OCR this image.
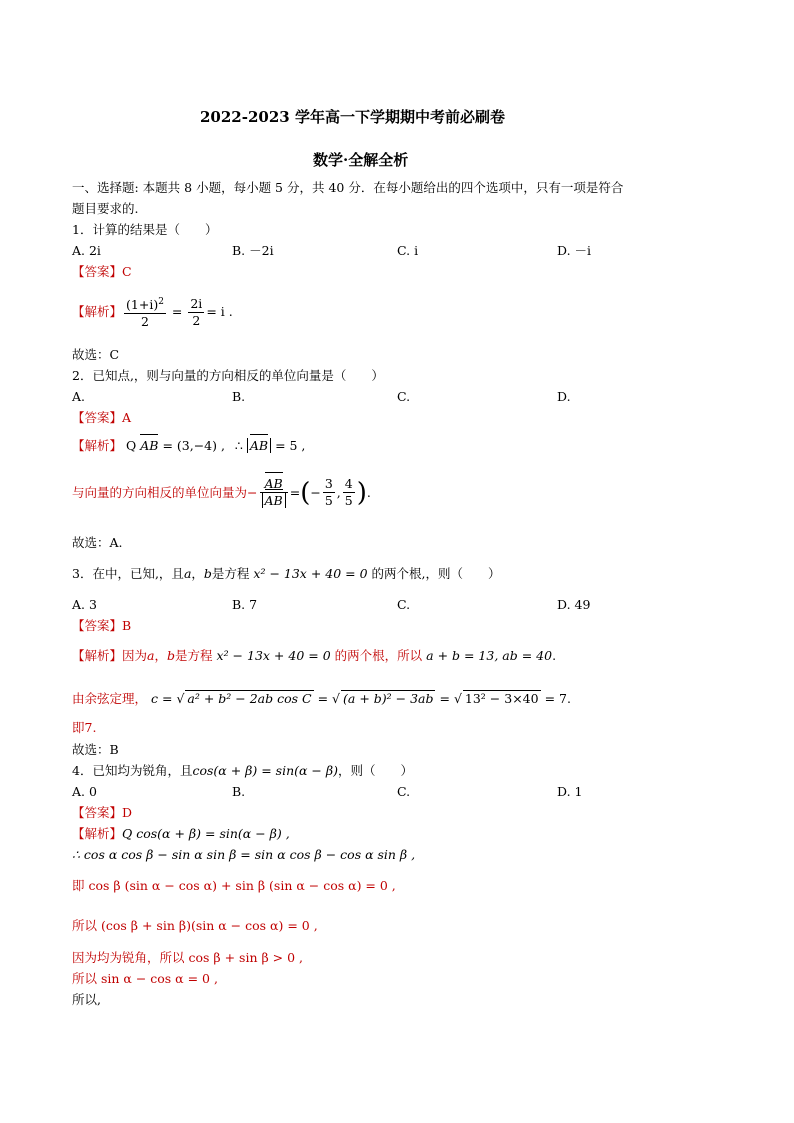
2022-2023 学年高一下学期期中考前必刷卷
数学·全解全析
一、选择题: 本题共 8 小题，每小题 5 分，共 40 分．在每小题给出的四个选项中，只有一项是符合
题目要求的.
1．计算的结果是（　　）
A. 2i	B. －2i	C. i	D. －i
【答案】C
【解析】 $\frac{(1+i)^2}{2} = \frac{2i}{2} = i$ .
故选：C
2．已知点,，则与向量的方向相反的单位向量是（　　）
A.	B.	C.	D.
【答案】A
【解析】 Q AB = (3,−4) , ∴ AB = 5 ,
与向量的方向相反的单位向量为 − $\frac{AB}{AB}$ = ( − $\frac{3}{5}$ , $\frac{4}{5}$ ) .
故选：A.
3．在中，已知,，且a，b是方程 x² − 13x + 40 = 0 的两个根,，则（　　）
A. 3	B. 7	C.	D. 49
【答案】B
【解析】因为a，b是方程 x² − 13x + 40 = 0 的两个根，所以 a + b = 13, ab = 40.
由余弦定理， c = √ a² + b² − 2ab cos C = √ (a + b)² − 3ab = √ 13² − 3×40 = 7.
即7.
故选：B
4．已知均为锐角，且cos(α + β) = sin(α − β)，则（　　）
A. 0	B.	C.	D. 1
【答案】D
【解析】Q cos(α + β) = sin(α − β) ,
∴ cos α cos β − sin α sin β = sin α cos β − cos α sin β ,
即 cos β (sin α − cos α) + sin β (sin α − cos α) = 0 ,
所以 (cos β + sin β)(sin α − cos α) = 0 ,
因为均为锐角，所以 cos β + sin β > 0 ,
所以 sin α − cos α = 0 ,
所以,
